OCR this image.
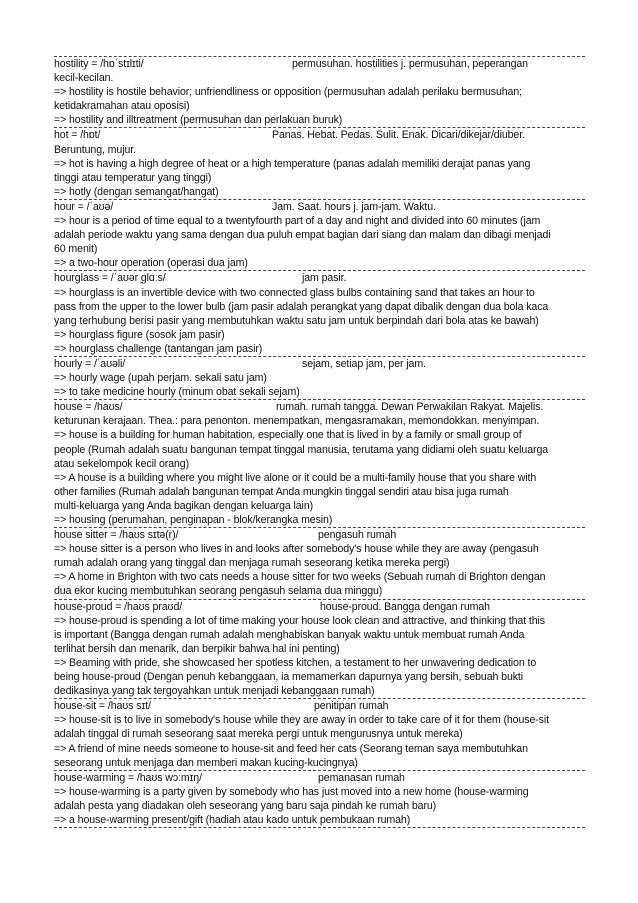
hostility = /hɒˈstɪlɪti/	permusuhan. hostilities j. permusuhan, peperangan
kecil-kecilan.
=> hostility is hostile behavior; unfriendliness or opposition (permusuhan adalah perilaku bermusuhan;
ketidakramahan atau oposisi)
=> hostility and illtreatment (permusuhan dan perlakuan buruk)
hot = /hɒt/	Panas. Hebat. Pedas. Sulit. Enak. Dicari/dikejar/diuber.
Beruntung, mujur.
=> hot is having a high degree of heat or a high temperature (panas adalah memiliki derajat panas yang
tinggi atau temperatur yang tinggi)
=> hotly (dengan semangat/hangat)
hour = /ˈaʊə/	Jam. Saat. hours j. jam-jam. Waktu.
=> hour is a period of time equal to a twentyfourth part of a day and night and divided into 60 minutes (jam
adalah periode waktu yang sama dengan dua puluh empat bagian dari siang dan malam dan dibagi menjadi
60 menit)
=> a two-hour operation (operasi dua jam)
hourglass = /ˈaʊər ̩ɡlɑːs/	jam pasir.
=> hourglass is an invertible device with two connected glass bulbs containing sand that takes an hour to
pass from the upper to the lower bulb (jam pasir adalah perangkat yang dapat dibalik dengan dua bola kaca
yang terhubung berisi pasir yang membutuhkan waktu satu jam untuk berpindah dari bola atas ke bawah)
=> hourglass figure (sosok jam pasir)
=> hourglass challenge (tantangan jam pasir)
hourly = /ˈaʊəli/	sejam, setiap jam, per jam.
=> hourly wage (upah perjam. sekali satu jam)
=> to take medicine hourly (minum obat sekali sejam)
house = /haʊs/	rumah. rumah tangga. Dewan Perwakilan Rakyat. Majelis.
keturunan kerajaan. Thea.: para penonton. menempatkan, mengasramakan, memondokkan. menyimpan.
=> house is a building for human habitation, especially one that is lived in by a family or small group of
people (Rumah adalah suatu bangunan tempat tinggal manusia, terutama yang didiami oleh suatu keluarga
atau sekelompok kecil orang)
=> A house is a building where you might live alone or it could be a multi-family house that you share with
other families (Rumah adalah bangunan tempat Anda mungkin tinggal sendiri atau bisa juga rumah
multi-keluarga yang Anda bagikan dengan keluarga lain)
=> housing (perumahan, penginapan - blok/kerangka mesin)
house sitter = /haʊs sɪtə(r)/	pengasuh rumah
=> house sitter is a person who lives in and looks after somebody's house while they are away (pengasuh
rumah adalah orang yang tinggal dan menjaga rumah seseorang ketika mereka pergi)
=> A home in Brighton with two cats needs a house sitter for two weeks (Sebuah rumah di Brighton dengan
dua ekor kucing membutuhkan seorang pengasuh selama dua minggu)
house-proud = /haʊs praʊd/	house-proud. Bangga dengan rumah
=> house-proud is spending a lot of time making your house look clean and attractive, and thinking that this
is important (Bangga dengan rumah adalah menghabiskan banyak waktu untuk membuat rumah Anda
terlihat bersih dan menarik, dan berpikir bahwa hal ini penting)
=> Beaming with pride, she showcased her spotless kitchen, a testament to her unwavering dedication to
being house-proud (Dengan penuh kebanggaan, ia memamerkan dapurnya yang bersih, sebuah bukti
dedikasinya yang tak tergoyahkan untuk menjadi kebanggaan rumah)
house-sit = /haʊs sɪt/	penitipan rumah
=> house-sit is to live in somebody's house while they are away in order to take care of it for them (house-sit
adalah tinggal di rumah seseorang saat mereka pergi untuk mengurusnya untuk mereka)
=> A friend of mine needs someone to house-sit and feed her cats (Seorang teman saya membutuhkan
seseorang untuk menjaga dan memberi makan kucing-kucingnya)
house-warming = /haʊs wɔːmɪŋ/	pemanasan rumah
=> house-warming is a party given by somebody who has just moved into a new home (house-warming
adalah pesta yang diadakan oleh seseorang yang baru saja pindah ke rumah baru)
=> a house-warming present/gift (hadiah atau kado untuk pembukaan rumah)
